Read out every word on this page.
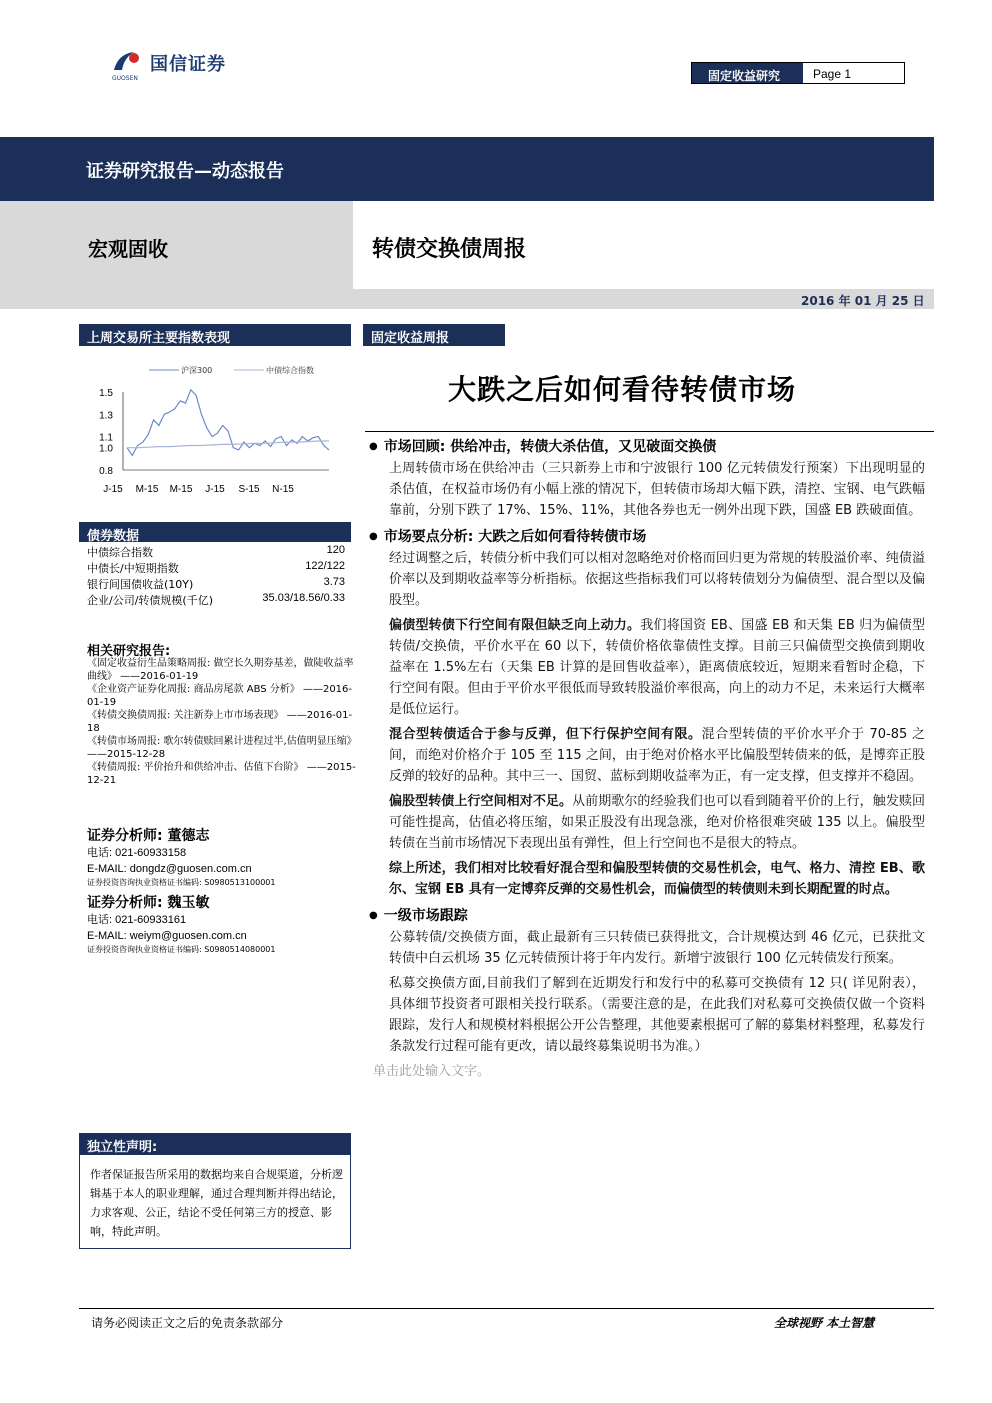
国信证券
GUOSEN	固定收益研究	Page 1
证券研究报告—动态报告
宏观固收	转债交换债周报
2016 年 01 月 25 日
上周交易所主要指数表现
1.5
1.3
1.1
1.0
0.8
J-15 M-15 M-15 J-15 S-15 N-15
沪深300	中债综合指数
债券数据
中债综合指数	120
中债长/中短期指数	122/122
银行间国债收益(10Y)	3.73
企业/公司/转债规模(千亿)	35.03/18.56/0.33
相关研究报告:
《固定收益衍生品策略周报: 做空长久期券基差，做陡收益率曲线》 ——2016-01-19
《企业资产证券化周报: 商品房尾款 ABS 分析》 ——2016-01-19
《转债交换债周报: 关注新券上市市场表现》 ——2016-01-18
《转债市场周报: 歌尔转债赎回累计进程过半,估值明显压缩》 ——2015-12-28
《转债周报: 平价抬升和供给冲击、估值下台阶》 ——2015-12-21
证券分析师: 董德志
电话: 021-60933158
E-MAIL: dongdz@guosen.com.cn
证券投资咨询执业资格证书编码: S0980513100001
证券分析师: 魏玉敏
电话: 021-60933161
E-MAIL: weiym@guosen.com.cn
证券投资咨询执业资格证书编码: S0980514080001
独立性声明:
作者保证报告所采用的数据均来自合规渠道，分析逻辑基于本人的职业理解，通过合理判断并得出结论，力求客观、公正，结论不受任何第三方的授意、影响，特此声明。
固定收益周报
大跌之后如何看待转债市场
● 市场回顾: 供给冲击，转债大杀估值，又见破面交换债
上周转债市场在供给冲击（三只新券上市和宁波银行 100 亿元转债发行预案）下出现明显的杀估值，在权益市场仍有小幅上涨的情况下，但转债市场却大幅下跌，清控、宝钢、电气跌幅靠前，分别下跌了 17%、15%、11%，其他各券也无一例外出现下跌，国盛 EB 跌破面值。
● 市场要点分析: 大跌之后如何看待转债市场
经过调整之后，转债分析中我们可以相对忽略绝对价格而回归更为常规的转股溢价率、纯债溢价率以及到期收益率等分析指标。依据这些指标我们可以将转债划分为偏债型、混合型以及偏股型。
偏债型转债下行空间有限但缺乏向上动力。我们将国资 EB、国盛 EB 和天集 EB 归为偏债型转债/交换债，平价水平在 60 以下，转债价格依靠债性支撑。目前三只偏债型交换债到期收益率在 1.5%左右（天集 EB 计算的是回售收益率），距离债底较近，短期来看暂时企稳，下行空间有限。但由于平价水平很低而导致转股溢价率很高，向上的动力不足，未来运行大概率是低位运行。
混合型转债适合于参与反弹，但下行保护空间有限。混合型转债的平价水平介于 70-85 之间，而绝对价格介于 105 至 115 之间，由于绝对价格水平比偏股型转债来的低，是博弈正股反弹的较好的品种。其中三一、国贸、蓝标到期收益率为正，有一定支撑，但支撑并不稳固。
偏股型转债上行空间相对不足。从前期歌尔的经验我们也可以看到随着平价的上行，触发赎回可能性提高，估值必将压缩，如果正股没有出现急涨，绝对价格很难突破 135 以上。偏股型转债在当前市场情况下表现出虽有弹性，但上行空间也不是很大的特点。
综上所述，我们相对比较看好混合型和偏股型转债的交易性机会，电气、格力、清控 EB、歌尔、宝钢 EB 具有一定博弈反弹的交易性机会，而偏债型的转债则未到长期配置的时点。
● 一级市场跟踪
公募转债/交换债方面，截止最新有三只转债已获得批文，合计规模达到 46 亿元，已获批文转债中白云机场 35 亿元转债预计将于年内发行。新增宁波银行 100 亿元转债发行预案。
私募交换债方面,目前我们了解到在近期发行和发行中的私募可交换债有 12 只( 详见附表），具体细节投资者可跟相关投行联系。（需要注意的是，在此我们对私募可交换债仅做一个资料跟踪，发行人和规模材料根据公开公告整理，其他要素根据可了解的募集材料整理，私募发行条款发行过程可能有更改，请以最终募集说明书为准。）
单击此处输入文字。
请务必阅读正文之后的免责条款部分	全球视野 本土智慧
